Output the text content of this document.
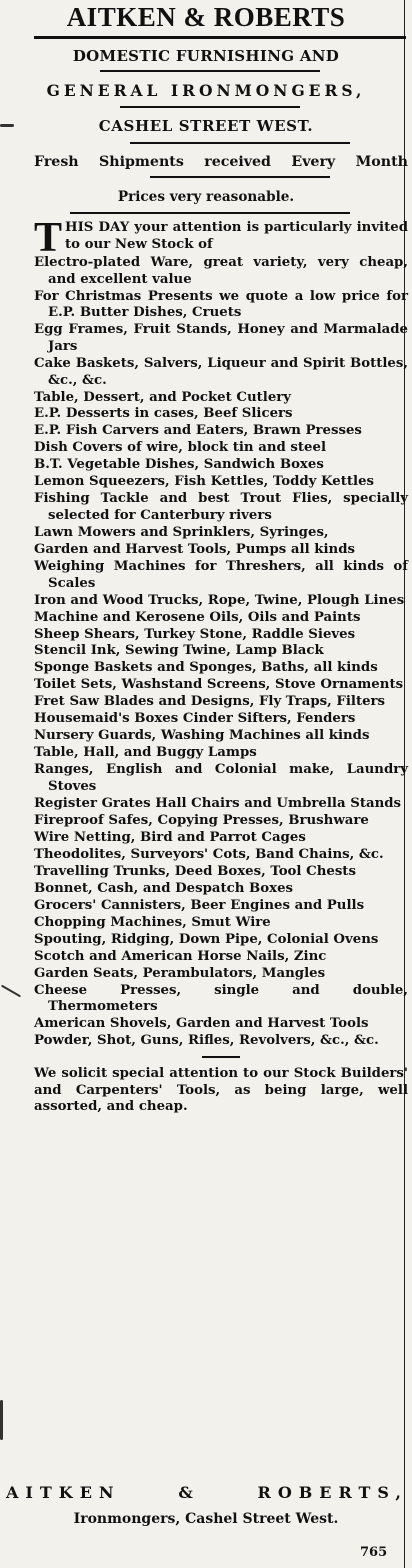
AITKEN & ROBERTS
DOMESTIC FURNISHING AND
GENERAL IRONMONGERS,
CASHEL STREET WEST.
Fresh Shipments received Every Month
Prices very reasonable.

THIS DAY your attention is particularly invited to our New Stock of

Electro-plated Ware, great variety, very cheap, and excellent value
For Christmas Presents we quote a low price for E.P. Butter Dishes, Cruets
Egg Frames, Fruit Stands, Honey and Marmalade Jars
Cake Baskets, Salvers, Liqueur and Spirit Bottles, &c., &c.
Table, Dessert, and Pocket Cutlery
E.P. Desserts in cases, Beef Slicers
E.P. Fish Carvers and Eaters, Brawn Presses
Dish Covers of wire, block tin and steel
B.T. Vegetable Dishes, Sandwich Boxes
Lemon Squeezers, Fish Kettles, Toddy Kettles
Fishing Tackle and best Trout Flies, specially selected for Canterbury rivers
Lawn Mowers and Sprinklers, Syringes,
Garden and Harvest Tools, Pumps all kinds
Weighing Machines for Threshers, all kinds of Scales
Iron and Wood Trucks, Rope, Twine, Plough Lines
Machine and Kerosene Oils, Oils and Paints
Sheep Shears, Turkey Stone, Raddle Sieves
Stencil Ink, Sewing Twine, Lamp Black
Sponge Baskets and Sponges, Baths, all kinds
Toilet Sets, Washstand Screens, Stove Ornaments
Fret Saw Blades and Designs, Fly Traps, Filters
Housemaid's Boxes Cinder Sifters, Fenders
Nursery Guards, Washing Machines all kinds
Table, Hall, and Buggy Lamps
Ranges, English and Colonial make, Laundry Stoves
Register Grates Hall Chairs and Umbrella Stands
Fireproof Safes, Copying Presses, Brushware
Wire Netting, Bird and Parrot Cages
Theodolites, Surveyors' Cots, Band Chains, &c.
Travelling Trunks, Deed Boxes, Tool Chests
Bonnet, Cash, and Despatch Boxes
Grocers' Cannisters, Beer Engines and Pulls
Chopping Machines, Smut Wire
Spouting, Ridging, Down Pipe, Colonial Ovens
Scotch and American Horse Nails, Zinc
Garden Seats, Perambulators, Mangles
Cheese Presses, single and double, Thermometers
American Shovels, Garden and Harvest Tools
Powder, Shot, Guns, Rifles, Revolvers, &c., &c.

We solicit special attention to our Stock Builders' and Carpenters' Tools, as being large, well assorted, and cheap.

AITKEN	&	ROBERTS,
Ironmongers, Cashel Street West.
765
